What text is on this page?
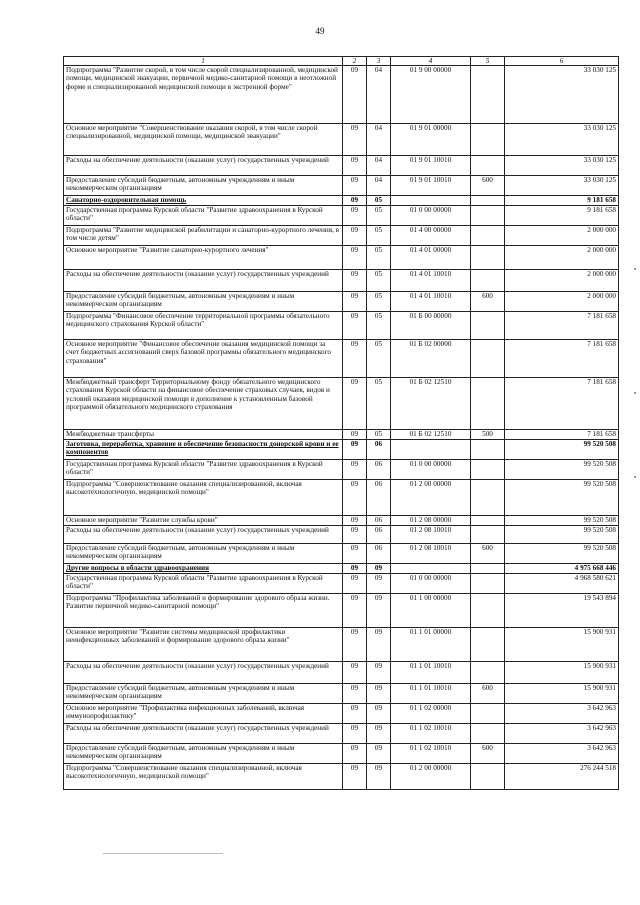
49
1	2	3	4	5	6
Подпрограмма "Развитие скорой, в том числе скорой специализированной, медицинской помощи, медицинской эвакуации, первичной медико-санитарной помощи в неотложной форме и специализированной медицинской помощи в экстренной форме"	09	04	01 9 00 00000		33 030 125
Основное мероприятие "Совершенствование оказания скорой, в том числе скорой специализированной, медицинской помощи, медицинской эвакуации"	09	04	01 9 01 00000		33 030 125
Расходы на обеспечение деятельности (оказание услуг) государственных учреждений	09	04	01 9 01 10010		33 030 125
Предоставление субсидий бюджетным, автономным учреждениям и иным некоммерческим организациям	09	04	01 9 01 10010	600	33 030 125
Санаторно-оздоровительная помощь	09	05			9 181 658
Государственная программа Курской области "Развитие здравоохранения в Курской области"	09	05	01 0 00 00000		9 181 658
Подпрограмма "Развитие медицинской реабилитации и санаторно-курортного лечения, в том числе детям"	09	05	01 4 00 00000		2 000 000
Основное мероприятие "Развитие санаторно-курортного лечения"	09	05	01 4 01 00000		2 000 000
Расходы на обеспечение деятельности (оказание услуг) государственных учреждений	09	05	01 4 01 10010		2 000 000
Предоставление субсидий бюджетным, автономным учреждениям и иным некоммерческим организациям	09	05	01 4 01 10010	600	2 000 000
Подпрограмма "Финансовое обеспечение территориальной программы обязательного медицинского страхования Курской области"	09	05	01 Б 00 00000		7 181 658
Основное мероприятие "Финансовое обеспечение оказания медицинской помощи за счет бюджетных ассигнований сверх базовой программы обязательного медицинского страхования"	09	05	01 Б 02 00000		7 181 658
Межбюджетный трансферт Территориальному фонду обязательного медицинского страхования Курской области на финансовое обеспечение страховых случаев, видов и условий оказания медицинской помощи в дополнение к установленным базовой программой обязательного медицинского страхования	09	05	01 Б 02 12510		7 181 658
Межбюджетные трансферты	09	05	01 Б 02 12510	500	7 181 658
Заготовка, переработка, хранение и обеспечение безопасности донорской крови и ее компонентов	09	06			99 520 508
Государственная программа Курской области "Развитие здравоохранения в Курской области"	09	06	01 0 00 00000		99 520 508
Подпрограмма "Совершенствование оказания специализированной, включая высокотехнологичную, медицинской помощи"	09	06	01 2 00 00000		99 520 508
Основное мероприятие "Развитие службы крови"	09	06	01 2 08 00000		99 520 508
Расходы на обеспечение деятельности (оказание услуг) государственных учреждений	09	06	01 2 08 10010		99 520 508
Предоставление субсидий бюджетным, автономным учреждениям и иным некоммерческим организациям	09	06	01 2 08 10010	600	99 520 508
Другие вопросы в области здравоохранения	09	09			4 975 668 446
Государственная программа Курской области "Развитие здравоохранения в Курской области"	09	09	01 0 00 00000		4 968 580 621
Подпрограмма "Профилактика заболеваний и формирование здорового образа жизни. Развитие первичной медико-санитарной помощи"	09	09	01 1 00 00000		19 543 894
Основное мероприятие "Развитие системы медицинской профилактики неинфекционных заболеваний и формирование здорового образа жизни"	09	09	01 1 01 00000		15 900 931
Расходы на обеспечение деятельности (оказание услуг) государственных учреждений	09	09	01 1 01 10010		15 900 931
Предоставление субсидий бюджетным, автономным учреждениям и иным некоммерческим организациям	09	09	01 1 01 10010	600	15 900 931
Основное мероприятие "Профилактика инфекционных заболеваний, включая иммунопрофилактику"	09	09	01 1 02 00000		3 642 963
Расходы на обеспечение деятельности (оказание услуг) государственных учреждений	09	09	01 1 02 10010		3 642 963
Предоставление субсидий бюджетным, автономным учреждениям и иным некоммерческим организациям	09	09	01 1 02 10010	600	3 642 963
Подпрограмма "Совершенствование оказания специализированной, включая высокотехнологичную, медицинской помощи"	09	09	01 2 00 00000		276 244 518
